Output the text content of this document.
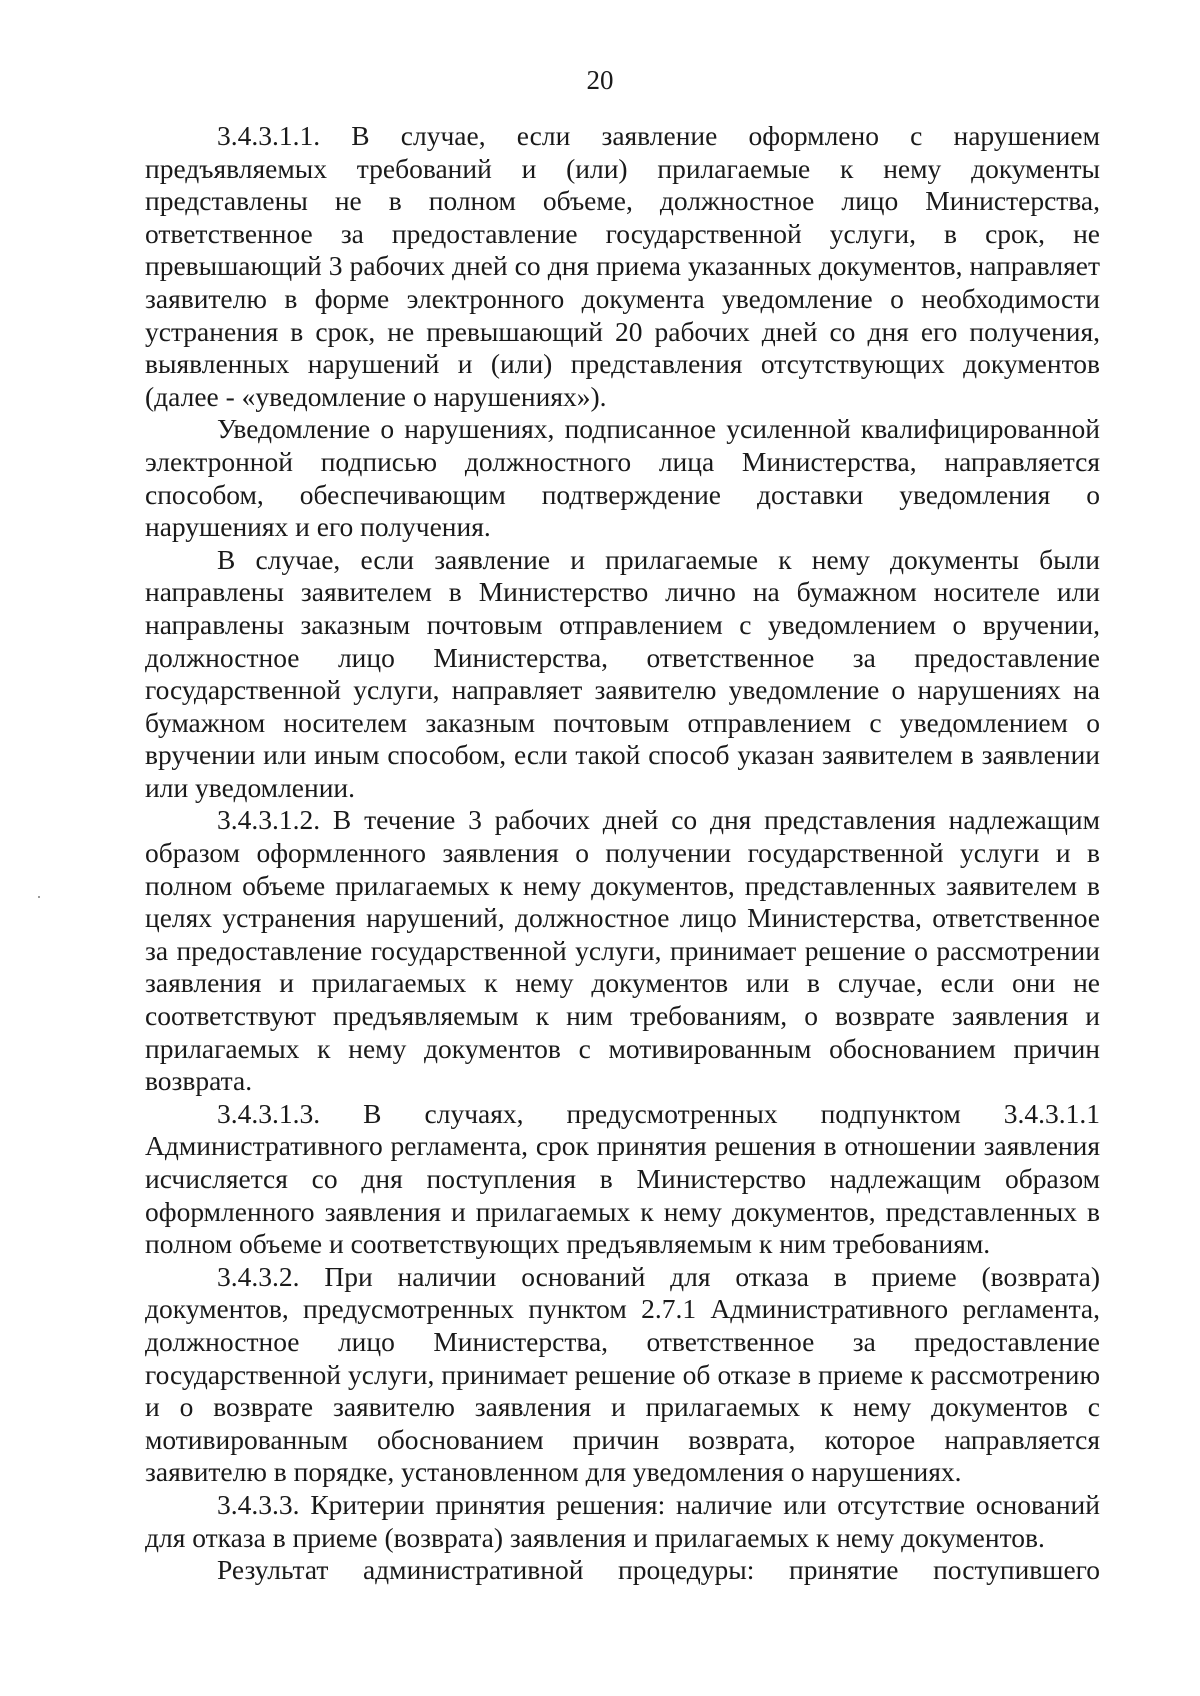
20

3.4.3.1.1. В случае, если заявление оформлено с нарушением предъявляемых требований и (или) прилагаемые к нему документы представлены не в полном объеме, должностное лицо Министерства, ответственное за предоставление государственной услуги, в срок, не превышающий 3 рабочих дней со дня приема указанных документов, направляет заявителю в форме электронного документа уведомление о необходимости устранения в срок, не превышающий 20 рабочих дней со дня его получения, выявленных нарушений и (или) представления отсутствующих документов (далее - «уведомление о нарушениях»).

Уведомление о нарушениях, подписанное усиленной квалифицированной электронной подписью должностного лица Министерства, направляется способом, обеспечивающим подтверждение доставки уведомления о нарушениях и его получения.

В случае, если заявление и прилагаемые к нему документы были направлены заявителем в Министерство лично на бумажном носителе или направлены заказным почтовым отправлением с уведомлением о вручении, должностное лицо Министерства, ответственное за предоставление государственной услуги, направляет заявителю уведомление о нарушениях на бумажном носителем заказным почтовым отправлением с уведомлением о вручении или иным способом, если такой способ указан заявителем в заявлении или уведомлении.

3.4.3.1.2. В течение 3 рабочих дней со дня представления надлежащим образом оформленного заявления о получении государственной услуги и в полном объеме прилагаемых к нему документов, представленных заявителем в целях устранения нарушений, должностное лицо Министерства, ответственное за предоставление государственной услуги, принимает решение о рассмотрении заявления и прилагаемых к нему документов или в случае, если они не соответствуют предъявляемым к ним требованиям, о возврате заявления и прилагаемых к нему документов с мотивированным обоснованием причин возврата.

3.4.3.1.3. В случаях, предусмотренных подпунктом 3.4.3.1.1 Административного регламента, срок принятия решения в отношении заявления исчисляется со дня поступления в Министерство надлежащим образом оформленного заявления и прилагаемых к нему документов, представленных в полном объеме и соответствующих предъявляемым к ним требованиям.

3.4.3.2. При наличии оснований для отказа в приеме (возврата) документов, предусмотренных пунктом 2.7.1 Административного регламента, должностное лицо Министерства, ответственное за предоставление государственной услуги, принимает решение об отказе в приеме к рассмотрению и о возврате заявителю заявления и прилагаемых к нему документов с мотивированным обоснованием причин возврата, которое направляется заявителю в порядке, установленном для уведомления о нарушениях.

3.4.3.3. Критерии принятия решения: наличие или отсутствие оснований для отказа в приеме (возврата) заявления и прилагаемых к нему документов.

Результат административной процедуры: принятие поступившего
